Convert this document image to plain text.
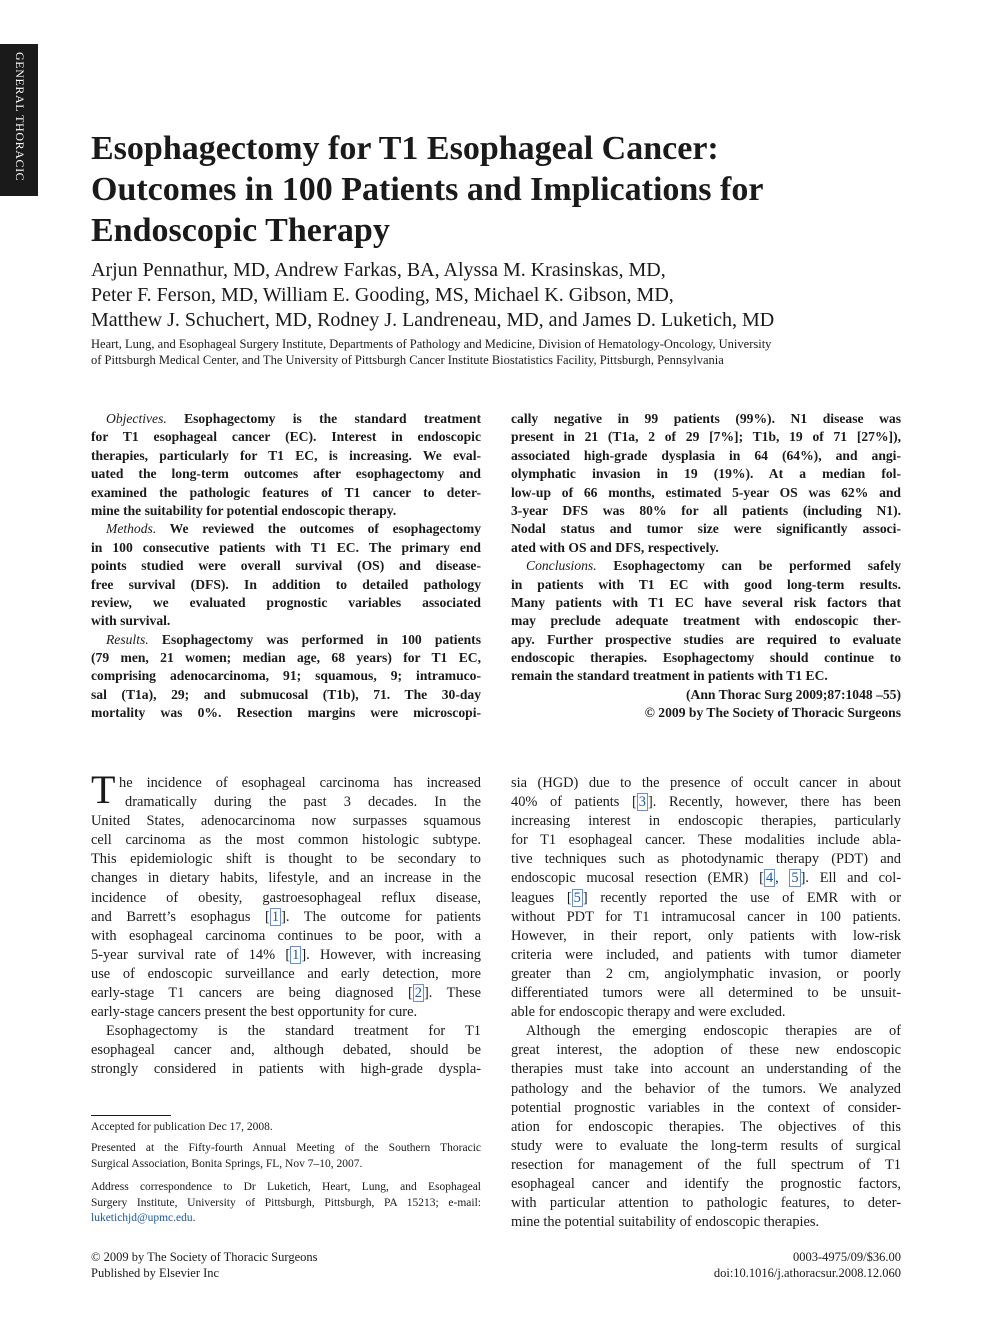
GENERAL THORACIC Esophagectomy for T1 Esophageal Cancer:
Outcomes in 100 Patients and Implications for
Endoscopic Therapy
Arjun Pennathur, MD, Andrew Farkas, BA, Alyssa M. Krasinskas, MD,
Peter F. Ferson, MD, William E. Gooding, MS, Michael K. Gibson, MD,
Matthew J. Schuchert, MD, Rodney J. Landreneau, MD, and James D. Luketich, MD
Heart, Lung, and Esophageal Surgery Institute, Departments of Pathology and Medicine, Division of Hematology-Oncology, University
of Pittsburgh Medical Center, and The University of Pittsburgh Cancer Institute Biostatistics Facility, Pittsburgh, Pennsylvania
Objectives. Esophagectomy is the standard treatment
for T1 esophageal cancer (EC). Interest in endoscopic
therapies, particularly for T1 EC, is increasing. We eval-
uated the long-term outcomes after esophagectomy and
examined the pathologic features of T1 cancer to deter-
mine the suitability for potential endoscopic therapy.
Methods. We reviewed the outcomes of esophagectomy
in 100 consecutive patients with T1 EC. The primary end
points studied were overall survival (OS) and disease-
free survival (DFS). In addition to detailed pathology
review, we evaluated prognostic variables associated
with survival.
Results. Esophagectomy was performed in 100 patients
(79 men, 21 women; median age, 68 years) for T1 EC,
comprising adenocarcinoma, 91; squamous, 9; intramuco-
sal (T1a), 29; and submucosal (T1b), 71. The 30-day
mortality was 0%. Resection margins were microscopi-
cally negative in 99 patients (99%). N1 disease was
present in 21 (T1a, 2 of 29 [7%]; T1b, 19 of 71 [27%]),
associated high-grade dysplasia in 64 (64%), and angi-
olymphatic invasion in 19 (19%). At a median fol-
low-up of 66 months, estimated 5-year OS was 62% and
3-year DFS was 80% for all patients (including N1).
Nodal status and tumor size were significantly associ-
ated with OS and DFS, respectively.
Conclusions. Esophagectomy can be performed safely
in patients with T1 EC with good long-term results.
Many patients with T1 EC have several risk factors that
may preclude adequate treatment with endoscopic ther-
apy. Further prospective studies are required to evaluate
endoscopic therapies. Esophagectomy should continue to
remain the standard treatment in patients with T1 EC.
(Ann Thorac Surg 2009;87:1048 –55)
© 2009 by The Society of Thoracic Surgeons
T he incidence of esophageal carcinoma has increased
dramatically during the past 3 decades. In the
United States, adenocarcinoma now surpasses squamous
cell carcinoma as the most common histologic subtype.
This epidemiologic shift is thought to be secondary to
changes in dietary habits, lifestyle, and an increase in the
incidence of obesity, gastroesophageal reflux disease,
and Barrett’s esophagus [ 1 ]. The outcome for patients
with esophageal carcinoma continues to be poor, with a
5-year survival rate of 14% [ 1 ]. However, with increasing
use of endoscopic surveillance and early detection, more
early-stage T1 cancers are being diagnosed [ 2 ]. These
early-stage cancers present the best opportunity for cure.
Esophagectomy is the standard treatment for T1
esophageal cancer and, although debated, should be
strongly considered in patients with high-grade dyspla-
sia (HGD) due to the presence of occult cancer in about
40% of patients [ 3 ]. Recently, however, there has been
increasing interest in endoscopic therapies, particularly
for T1 esophageal cancer. These modalities include abla-
tive techniques such as photodynamic therapy (PDT) and
endoscopic mucosal resection (EMR) [ 4 , 5 ]. Ell and col-
leagues [ 5 ] recently reported the use of EMR with or
without PDT for T1 intramucosal cancer in 100 patients.
However, in their report, only patients with low-risk
criteria were included, and patients with tumor diameter
greater than 2 cm, angiolymphatic invasion, or poorly
differentiated tumors were all determined to be unsuit-
able for endoscopic therapy and were excluded.
Although the emerging endoscopic therapies are of
great interest, the adoption of these new endoscopic
therapies must take into account an understanding of the
pathology and the behavior of the tumors. We analyzed
potential prognostic variables in the context of consider-
ation for endoscopic therapies. The objectives of this
study were to evaluate the long-term results of surgical
resection for management of the full spectrum of T1
esophageal cancer and identify the prognostic factors,
with particular attention to pathologic features, to deter-
mine the potential suitability of endoscopic therapies.
Accepted for publication Dec 17, 2008.
Presented at the Fifty-fourth Annual Meeting of the Southern Thoracic
Surgical Association, Bonita Springs, FL, Nov 7–10, 2007.
Address correspondence to Dr Luketich, Heart, Lung, and Esophageal
Surgery Institute, University of Pittsburgh, Pittsburgh, PA 15213; e-mail:
luketichjd@upmc.edu.
© 2009 by The Society of Thoracic Surgeons
Published by Elsevier Inc
0003-4975/09/$36.00
doi:10.1016/j.athoracsur.2008.12.060
